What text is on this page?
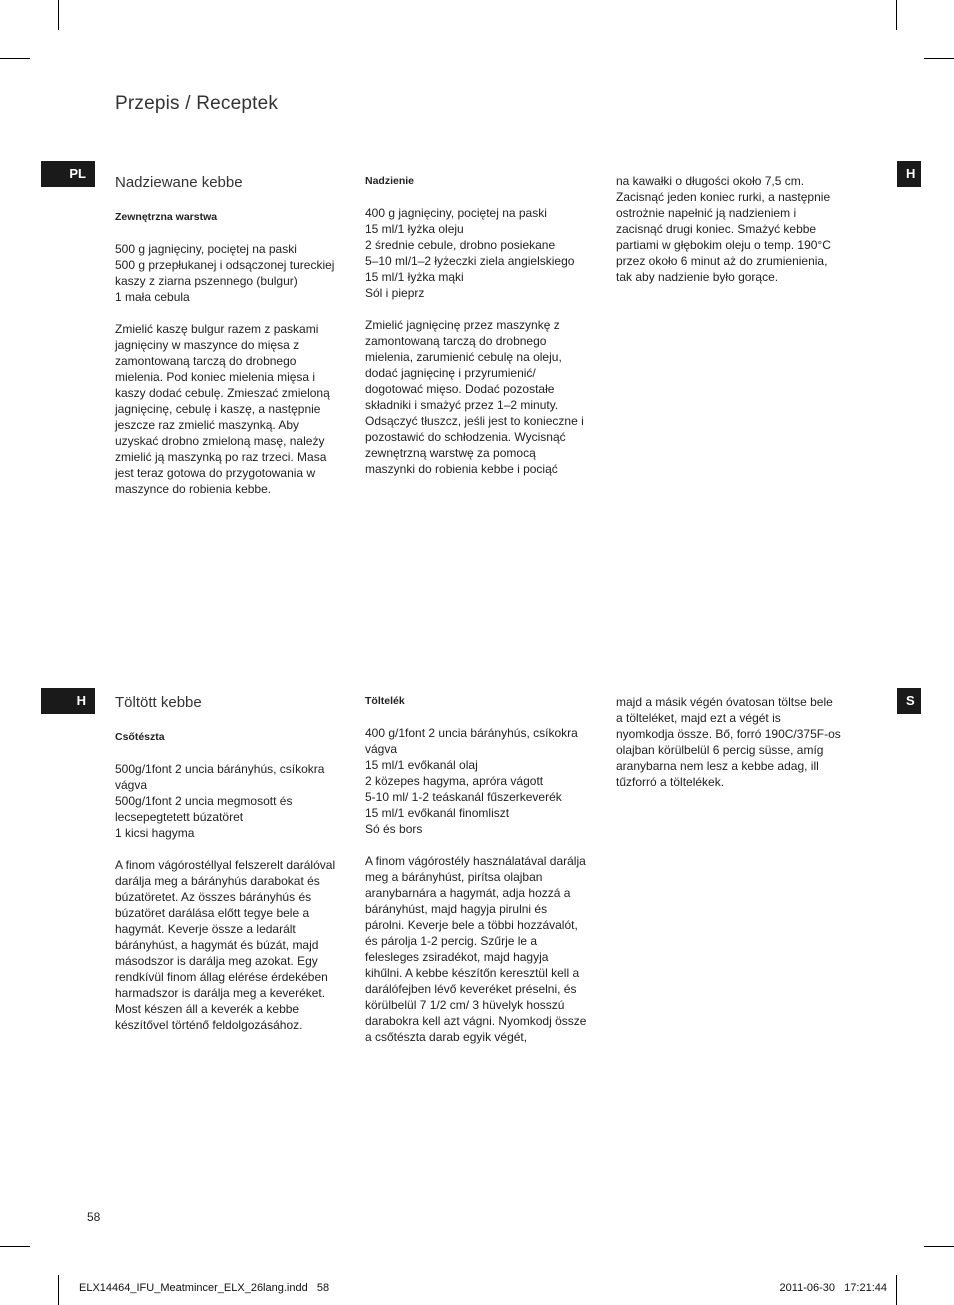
Przepis / Receptek
PL
H
H
S

Nadziewane kebbe

Zewnętrzna warstwa

500 g jagnięciny, pociętej na paski
500 g przepłukanej i odsączonej tureckiej kaszy z ziarna pszennego (bulgur)
1 mała cebula

Zmielić kaszę bulgur razem z paskami jagnięciny w maszynce do mięsa z zamontowaną tarczą do drobnego mielenia. Pod koniec mielenia mięsa i kaszy dodać cebulę. Zmieszać zmieloną jagnięcinę, cebulę i kaszę, a następnie jeszcze raz zmielić maszynką. Aby uzyskać drobno zmieloną masę, należy zmielić ją maszynką po raz trzeci. Masa jest teraz gotowa do przygotowania w maszynce do robienia kebbe.

Nadzienie

400 g jagnięciny, pociętej na paski
15 ml/1 łyżka oleju
2 średnie cebule, drobno posiekane
5–10 ml/1–2 łyżeczki ziela angielskiego
15 ml/1 łyżka mąki
Sól i pieprz

Zmielić jagnięcinę przez maszynkę z zamontowaną tarczą do drobnego mielenia, zarumienić cebulę na oleju, dodać jagnięcinę i przyrumienić/ dogotować mięso. Dodać pozostałe składniki i smażyć przez 1–2 minuty. Odsączyć tłuszcz, jeśli jest to konieczne i pozostawić do schłodzenia. Wycisnąć zewnętrzną warstwę za pomocą maszynki do robienia kebbe i pociąć

na kawałki o długości około 7,5 cm. Zacisnąć jeden koniec rurki, a następnie ostrożnie napełnić ją nadzieniem i zacisnąć drugi koniec. Smażyć kebbe partiami w głębokim oleju o temp. 190°C przez około 6 minut aż do zrumienienia, tak aby nadzienie było gorące.

Töltött kebbe

Csőtészta

500g/1font 2 uncia bárányhús, csíkokra vágva
500g/1font 2 uncia megmosott és lecsepegtetett búzatöret
1 kicsi hagyma

A finom vágórostéllyal felszerelt darálóval darálja meg a bárányhús darabokat és búzatöretet. Az összes bárányhús és búzatöret darálása előtt tegye bele a hagymát. Keverje össze a ledarált bárányhúst, a hagymát és búzát, majd másodszor is darálja meg azokat. Egy rendkívül finom állag elérése érdekében harmadszor is darálja meg a keveréket. Most készen áll a keverék a kebbe készítővel történő feldolgozásához.

Töltelék

400 g/1font 2 uncia bárányhús, csíkokra vágva
15 ml/1 evőkanál olaj
2 közepes hagyma, apróra vágott
5-10 ml/ 1-2 teáskanál fűszerkeverék
15 ml/1 evőkanál finomliszt
Só és bors

A finom vágórostély használatával darálja meg a bárányhúst, pirítsa olajban aranybarnára a hagymát, adja hozzá a bárányhúst, majd hagyja pirulni és párolni. Keverje bele a többi hozzávalót, és párolja 1-2 percig. Szűrje le a felesleges zsiradékot, majd hagyja kihűlni. A kebbe készítőn keresztül kell a darálófejben lévő keveréket préselni, és körülbelül 7 1/2 cm/ 3 hüvelyk hosszú darabokra kell azt vágni. Nyomkodj össze a csőtészta darab egyik végét,

majd a másik végén óvatosan töltse bele a tölteléket, majd ezt a végét is nyomkodja össze. Bő, forró 190C/375F-os olajban körülbelül 6 percig süsse, amíg aranybarna nem lesz a kebbe adag, ill tűzforró a töltelékek.

58
ELX14464_IFU_Meatmincer_ELX_26lang.indd   58	2011-06-30   17:21:44
